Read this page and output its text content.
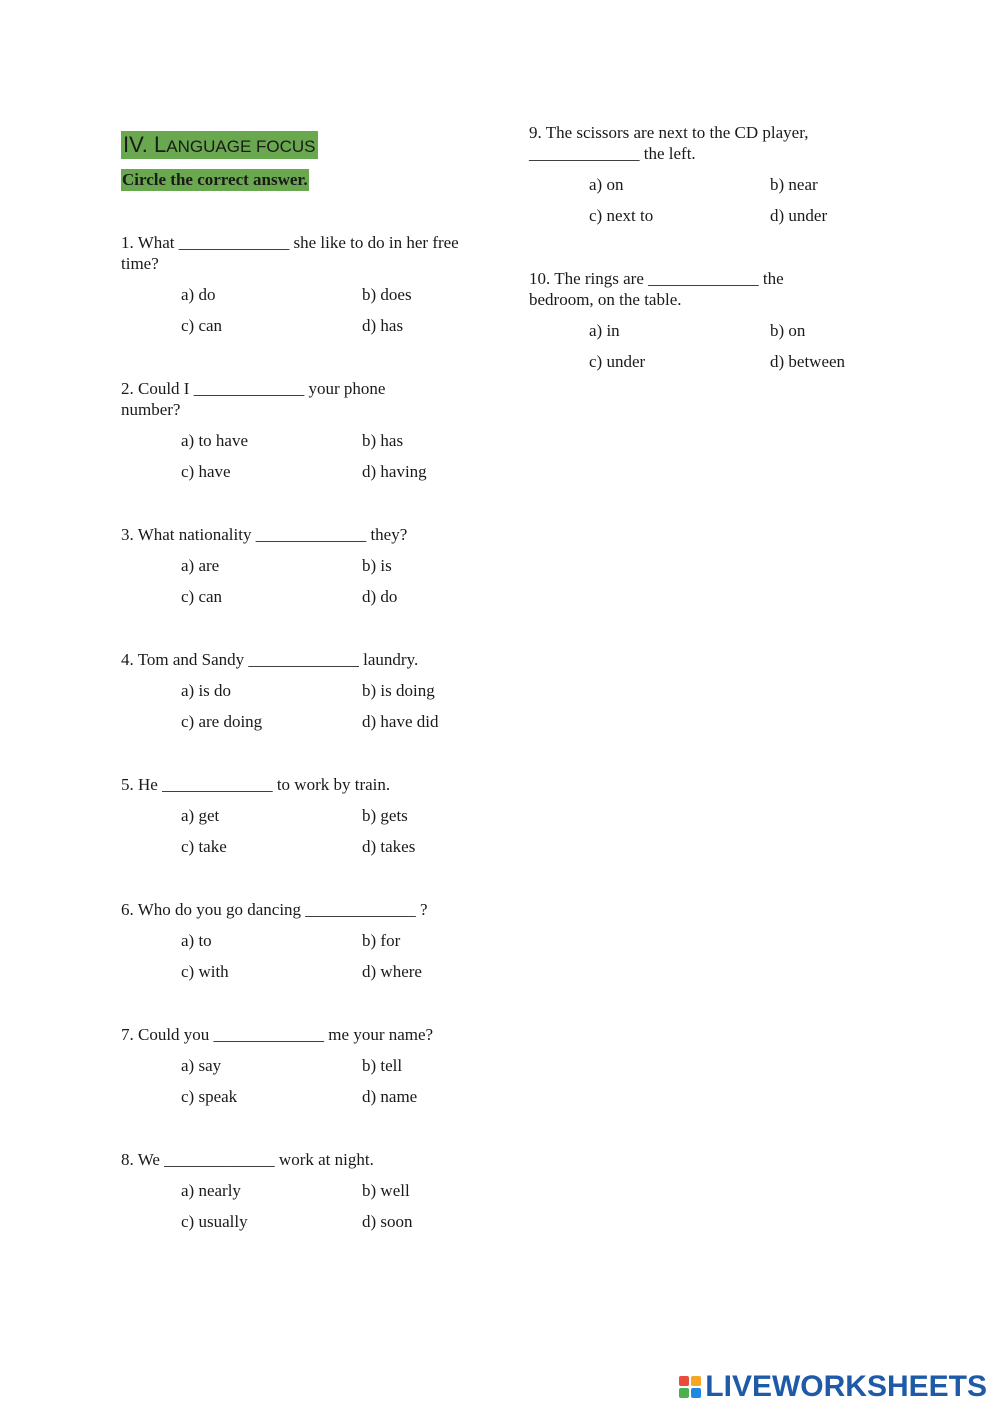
IV. LANGUAGE FOCUS
Circle the correct answer.

1. What _____________ she like to do in her free time?

a) do	b) does
c) can	d) has

2. Could I _____________ your phone number?

a) to have	b) has
c) have	d) having

3. What nationality _____________ they?

a) are	b) is
c) can	d) do

4. Tom and Sandy _____________ laundry.

a) is do	b) is doing
c) are doing	d) have did

5. He _____________ to work by train.

a) get	b) gets
c) take	d) takes

6. Who do you go dancing _____________ ?

a) to	b) for
c) with	d) where

7. Could you _____________ me your name?

a) say	b) tell
c) speak	d) name

8. We _____________ work at night.

a) nearly	b) well
c) usually	d) soon

9. The scissors are next to the CD player, _____________ the left.

a) on	b) near
c) next to	d) under

10. The rings are _____________ the bedroom, on the table.

a) in	b) on
c) under	d) between
LIVEWORKSHEETS
